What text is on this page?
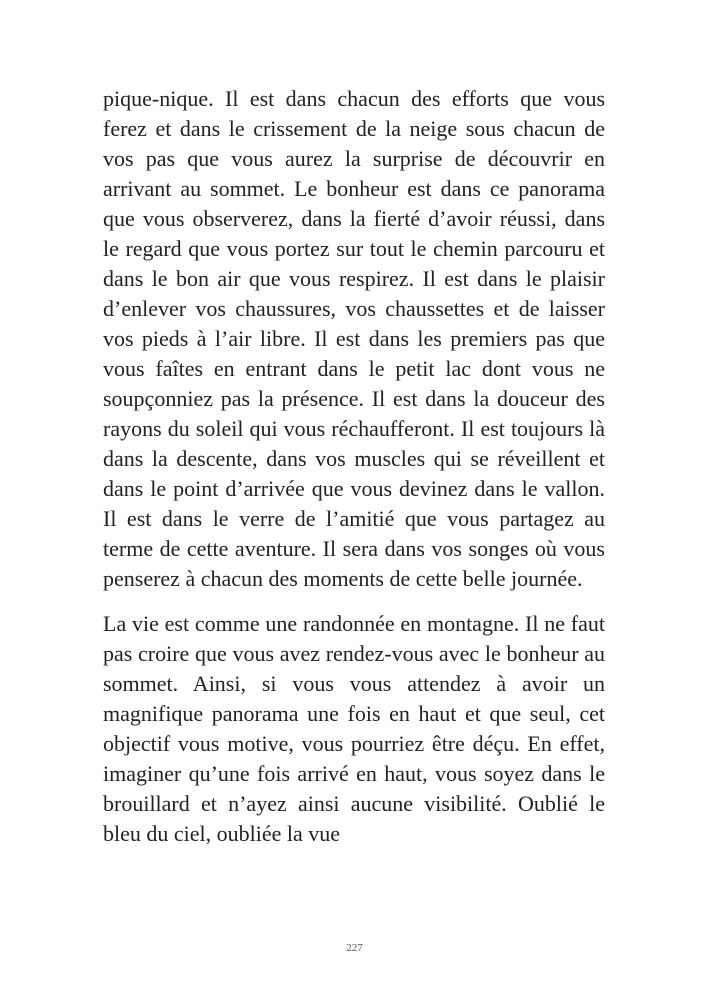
pique-nique. Il est dans chacun des efforts que vous ferez et dans le crissement de la neige sous chacun de vos pas que vous aurez la surprise de découvrir en arrivant au sommet. Le bonheur est dans ce panorama que vous observerez, dans la fierté d’avoir réussi, dans le regard que vous portez sur tout le chemin parcouru et dans le bon air que vous respirez. Il est dans le plaisir d’enlever vos chaussures, vos chaussettes et de laisser vos pieds à l’air libre. Il est dans les premiers pas que vous faîtes en entrant dans le petit lac dont vous ne soupçonniez pas la présence. Il est dans la douceur des rayons du soleil qui vous réchaufferont. Il est toujours là dans la descente, dans vos muscles qui se réveillent et dans le point d’arrivée que vous devinez dans le vallon. Il est dans le verre de l’amitié que vous partagez au terme de cette aventure. Il sera dans vos songes où vous penserez à chacun des moments de cette belle journée.

La vie est comme une randonnée en montagne. Il ne faut pas croire que vous avez rendez-vous avec le bonheur au sommet. Ainsi, si vous vous attendez à avoir un magnifique panorama une fois en haut et que seul, cet objectif vous motive, vous pourriez être déçu. En effet, imaginer qu’une fois arrivé en haut, vous soyez dans le brouillard et n’ayez ainsi aucune visibilité. Oublié le bleu du ciel, oubliée la vue

227
